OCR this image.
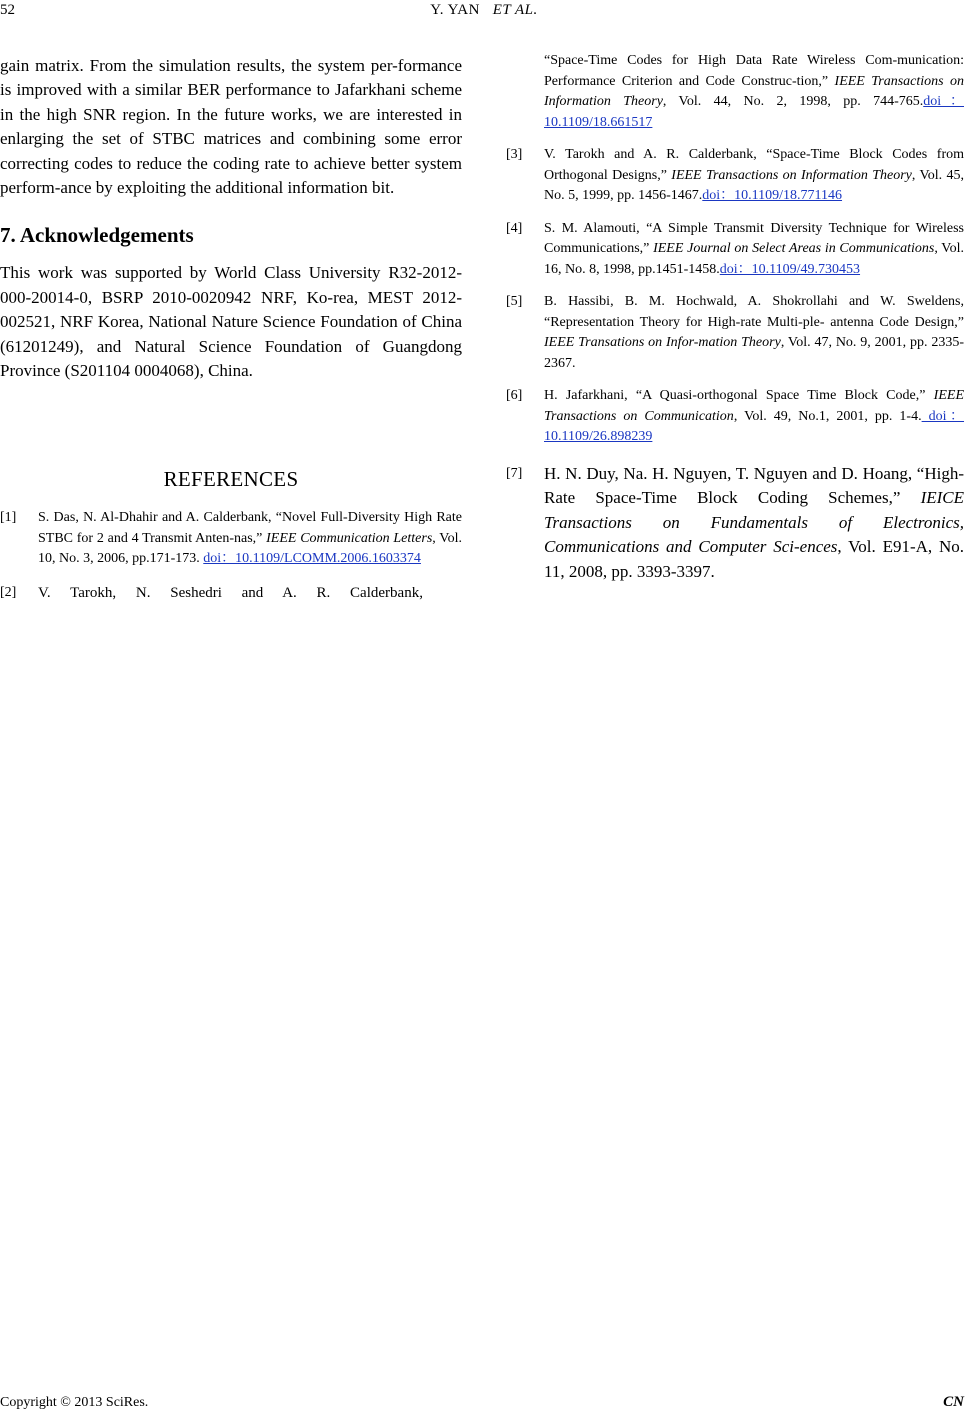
52	Y. YAN ET AL.

gain matrix. From the simulation results, the system per-formance is improved with a similar BER performance to Jafarkhani scheme in the high SNR region. In the future works, we are interested in enlarging the set of STBC matrices and combining some error correcting codes to reduce the coding rate to achieve better system perform-ance by exploiting the additional information bit.

7. Acknowledgements

This work was supported by World Class University R32-2012-000-20014-0, BSRP 2010-0020942 NRF, Ko-rea, MEST 2012-002521, NRF Korea, National Nature Science Foundation of China (61201249), and Natural Science Foundation of Guangdong Province (S201104 0004068), China.

REFERENCES
[1]	S. Das, N. Al-Dhahir and A. Calderbank, “Novel Full-Diversity High Rate STBC for 2 and 4 Transmit Anten-nas,” IEEE Communication Letters, Vol. 10, No. 3, 2006, pp.171-173. doi：10.1109/LCOMM.2006.1603374
[2]	V. Tarokh, N. Seshedri and A. R. Calderbank,
“Space-Time Codes for High Data Rate Wireless Com-munication: Performance Criterion and Code Construc-tion,” IEEE Transactions on Information Theory, Vol. 44, No. 2, 1998, pp. 744-765.doi：10.1109/18.661517
[3]	V. Tarokh and A. R. Calderbank, “Space-Time Block Codes from Orthogonal Designs,” IEEE Transactions on Information Theory, Vol. 45, No. 5, 1999, pp. 1456-1467.doi：10.1109/18.771146
[4]	S. M. Alamouti, “A Simple Transmit Diversity Technique for Wireless Communications,” IEEE Journal on Select Areas in Communications, Vol. 16, No. 8, 1998, pp.1451-1458.doi：10.1109/49.730453
[5]	B. Hassibi, B. M. Hochwald, A. Shokrollahi and W. Sweldens, “Representation Theory for High-rate Multi-ple- antenna Code Design,” IEEE Transations on Infor-mation Theory, Vol. 47, No. 9, 2001, pp. 2335-2367.
[6]	H. Jafarkhani, “A Quasi-orthogonal Space Time Block Code,” IEEE Transactions on Communication, Vol. 49, No.1, 2001, pp. 1-4. doi：10.1109/26.898239
[7]	H. N. Duy, Na. H. Nguyen, T. Nguyen and D. Hoang, “High-Rate Space-Time Block Coding Schemes,” IEICE Transactions on Fundamentals of Electronics, Communications and Computer Sci-ences, Vol. E91-A, No. 11, 2008, pp. 3393-3397.
Copyright © 2013 SciRes.	CN
